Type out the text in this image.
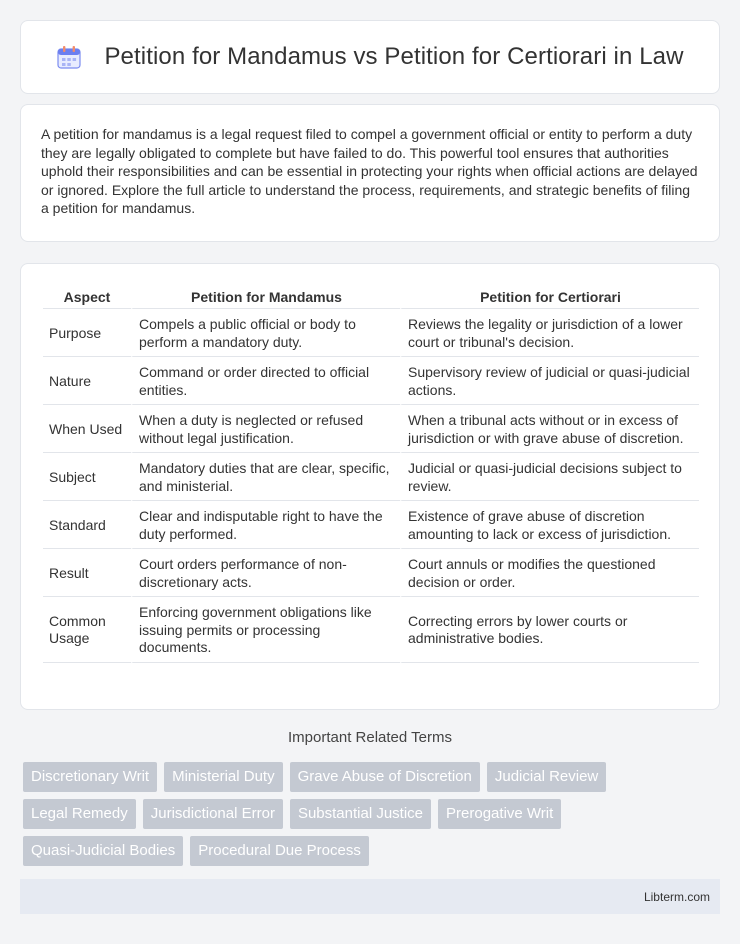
Petition for Mandamus vs Petition for Certiorari in Law

A petition for mandamus is a legal request filed to compel a government official or entity to perform a duty they are legally obligated to complete but have failed to do. This powerful tool ensures that authorities uphold their responsibilities and can be essential in protecting your rights when official actions are delayed or ignored. Explore the full article to understand the process, requirements, and strategic benefits of filing a petition for mandamus.

Aspect	Petition for Mandamus	Petition for Certiorari
Purpose	Compels a public official or body to perform a mandatory duty.	Reviews the legality or jurisdiction of a lower court or tribunal's decision.
Nature	Command or order directed to official entities.	Supervisory review of judicial or quasi-judicial actions.
When Used	When a duty is neglected or refused without legal justification.	When a tribunal acts without or in excess of jurisdiction or with grave abuse of discretion.
Subject	Mandatory duties that are clear, specific, and ministerial.	Judicial or quasi-judicial decisions subject to review.
Standard	Clear and indisputable right to have the duty performed.	Existence of grave abuse of discretion amounting to lack or excess of jurisdiction.
Result	Court orders performance of non-discretionary acts.	Court annuls or modifies the questioned decision or order.
Common Usage	Enforcing government obligations like issuing permits or processing documents.	Correcting errors by lower courts or administrative bodies.
Important Related Terms
Discretionary Writ	Ministerial Duty	Grave Abuse of Discretion	Judicial Review
Legal Remedy	Jurisdictional Error	Substantial Justice	Prerogative Writ
Quasi-Judicial Bodies	Procedural Due Process
Libterm.com
